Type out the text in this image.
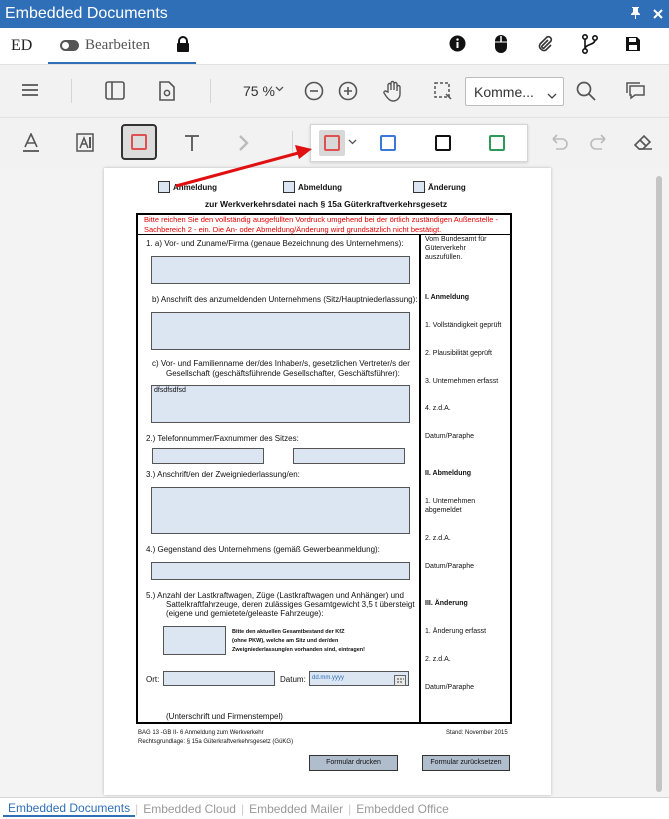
Embedded Documents
ED	Bearbeiten
75 %	Komme...
Anmeldung	Abmeldung	Änderung
zur Werkverkehrsdatei nach § 15a Güterkraftverkehrsgesetz
Bitte reichen Sie den vollständig ausgefüllten Vordruck umgehend bei der örtlich zuständigen Außenstelle -
Sachbereich 2 - ein. Die An- oder Abmeldung/Änderung wird grundsätzlich nicht bestätigt.
1. a) Vor- und Zuname/Firma (genaue Bezeichnung des Unternehmens):
b) Anschrift des anzumeldenden Unternehmens (Sitz/Hauptniederlassung):
c) Vor- und Familienname der/des Inhaber/s, gesetzlichen Vertreter/s der
Gesellschaft (geschäftsführende Gesellschafter, Geschäftsführer):
dfsdfsdfsd
2.) Telefonnummer/Faxnummer des Sitzes:
3.) Anschrift/en der Zweigniederlassung/en:
4.) Gegenstand des Unternehmens (gemäß Gewerbeanmeldung):
5.) Anzahl der Lastkraftwagen, Züge (Lastkraftwagen und Anhänger) und
Sattelkraftfahrzeuge, deren zulässiges Gesamtgewicht 3,5 t übersteigt
(eigene und gemietete/geleaste Fahrzeuge):
Bitte den aktuellen Gesamtbestand der KfZ
(ohne PKW), welche am Sitz und der/den
Zweigniederlassung/en vorhanden sind, eintragen!
Ort:	Datum: dd.mm.yyyy
(Unterschrift und Firmenstempel)
Vom Bundesamt für
Güterverkehr
auszufüllen.
I. Anmeldung
1. Vollständigkeit geprüft
2. Plausibilität geprüft
3. Unternehmen erfasst
4. z.d.A.
Datum/Paraphe
II. Abmeldung
1. Unternehmen
abgemeldet
2. z.d.A.
Datum/Paraphe
III. Änderung
1. Änderung erfasst
2. z.d.A.
Datum/Paraphe
BAG 13 -GB II- 6 Anmeldung zum Werkverkehr
Rechtsgrundlage: § 15a Güterkraftverkehrsgesetz (GüKG)
Stand: November 2015
Formular drucken	Formular zurücksetzen
Embedded Documents | Embedded Cloud | Embedded Mailer | Embedded Office
